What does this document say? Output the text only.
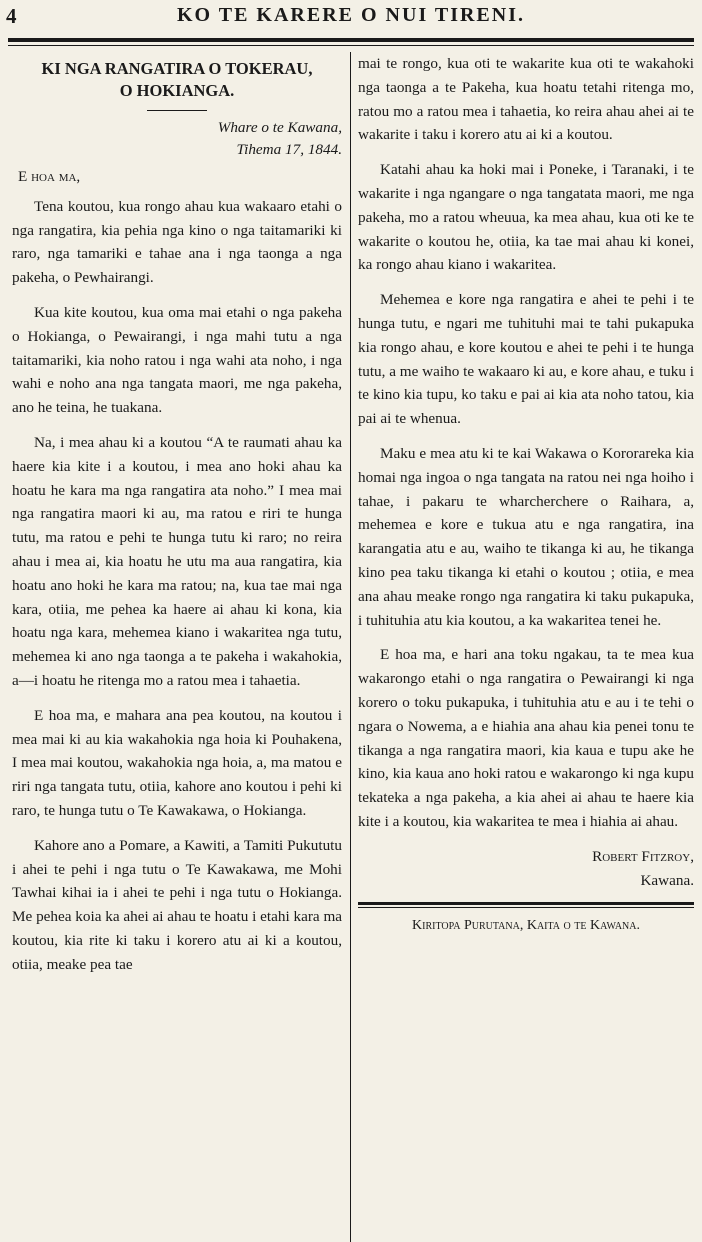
4	KO TE KARERE O NUI TIRENI.
KI NGA RANGATIRA O TOKERAU,
O HOKIANGA.
Whare o te Kawana,
Tihema 17, 1844.
E hoa ma,

Tena koutou, kua rongo ahau kua wakaaro etahi o nga rangatira, kia pehia nga kino o nga taitamariki ki raro, nga tamariki e tahae ana i nga taonga a nga pakeha, o Pewhairangi.

Kua kite koutou, kua oma mai etahi o nga pakeha o Hokianga, o Pewairangi, i nga mahi tutu a nga taitamariki, kia noho ratou i nga wahi ata noho, i nga wahi e noho ana nga tangata maori, me nga pakeha, ano he teina, he tuakana.

Na, i mea ahau ki a koutou “A te raumati ahau ka haere kia kite i a koutou, i mea ano hoki ahau ka hoatu he kara ma nga rangatira ata noho.” I mea mai nga rangatira maori ki au, ma ratou e riri te hunga tutu, ma ratou e pehi te hunga tutu ki raro; no reira ahau i mea ai, kia hoatu he utu ma aua rangatira, kia hoatu ano hoki he kara ma ratou; na, kua tae mai nga kara, otiia, me pehea ka haere ai ahau ki kona, kia hoatu nga kara, mehemea kiano i wakaritea nga tutu, mehemea ki ano nga taonga a te pakeha i wakahokia, a—i hoatu he ritenga mo a ratou mea i tahaetia.

E hoa ma, e mahara ana pea koutou, na koutou i mea mai ki au kia wakahokia nga hoia ki Pouhakena, I mea mai koutou, wakahokia nga hoia, a, ma matou e riri nga tangata tutu, otiia, kahore ano koutou i pehi ki raro, te hunga tutu o Te Kawakawa, o Hokianga.

Kahore ano a Pomare, a Kawiti, a Tamiti Pukututu i ahei te pehi i nga tutu o Te Kawakawa, me Mohi Tawhai kihai ia i ahei te pehi i nga tutu o Hokianga. Me pehea koia ka ahei ai ahau te hoatu i etahi kara ma koutou, kia rite ki taku i korero atu ai ki a koutou, otiia, meake pea tae

mai te rongo, kua oti te wakarite kua oti te wakahoki nga taonga a te Pakeha, kua hoatu tetahi ritenga mo, ratou mo a ratou mea i tahaetia, ko reira ahau ahei ai te wakarite i taku i korero atu ai ki a koutou.

Katahi ahau ka hoki mai i Poneke, i Taranaki, i te wakarite i nga ngangare o nga tangatata maori, me nga pakeha, mo a ratou wheuua, ka mea ahau, kua oti ke te wakarite o koutou he, otiia, ka tae mai ahau ki konei, ka rongo ahau kiano i wakaritea.

Mehemea e kore nga rangatira e ahei te pehi i te hunga tutu, e ngari me tuhituhi mai te tahi pukapuka kia rongo ahau, e kore koutou e ahei te pehi i te hunga tutu, a me waiho te wakaaro ki au, e kore ahau, e tuku i te kino kia tupu, ko taku e pai ai kia ata noho tatou, kia pai ai te whenua.

Maku e mea atu ki te kai Wakawa o Kororareka kia homai nga ingoa o nga tangata na ratou nei nga hoiho i tahae, i pakaru te wharcherchere o Raihara, a, mehemea e kore e tukua atu e nga rangatira, ina karangatia atu e au, waiho te tikanga ki au, he tikanga kino pea taku tikanga ki etahi o koutou ; otiia, e mea ana ahau meake rongo nga rangatira ki taku pukapuka, i tuhituhia atu kia koutou, a ka wakaritea tenei he.

E hoa ma, e hari ana toku ngakau, ta te mea kua wakarongo etahi o nga rangatira o Pewairangi ki nga korero o toku pukapuka, i tuhituhia atu e au i te tehi o ngara o Nowema, a e hiahia ana ahau kia penei tonu te tikanga a nga rangatira maori, kia kaua e tupu ake he kino, kia kaua ano hoki ratou e wakarongo ki nga kupu tekateka a nga pakeha, a kia ahei ai ahau te haere kia kite i a koutou, kia wakaritea te mea i hiahia ai ahau.

Robert Fitzroy,
Kawana.
Kiritopa Purutana, Kaita o te Kawana.
